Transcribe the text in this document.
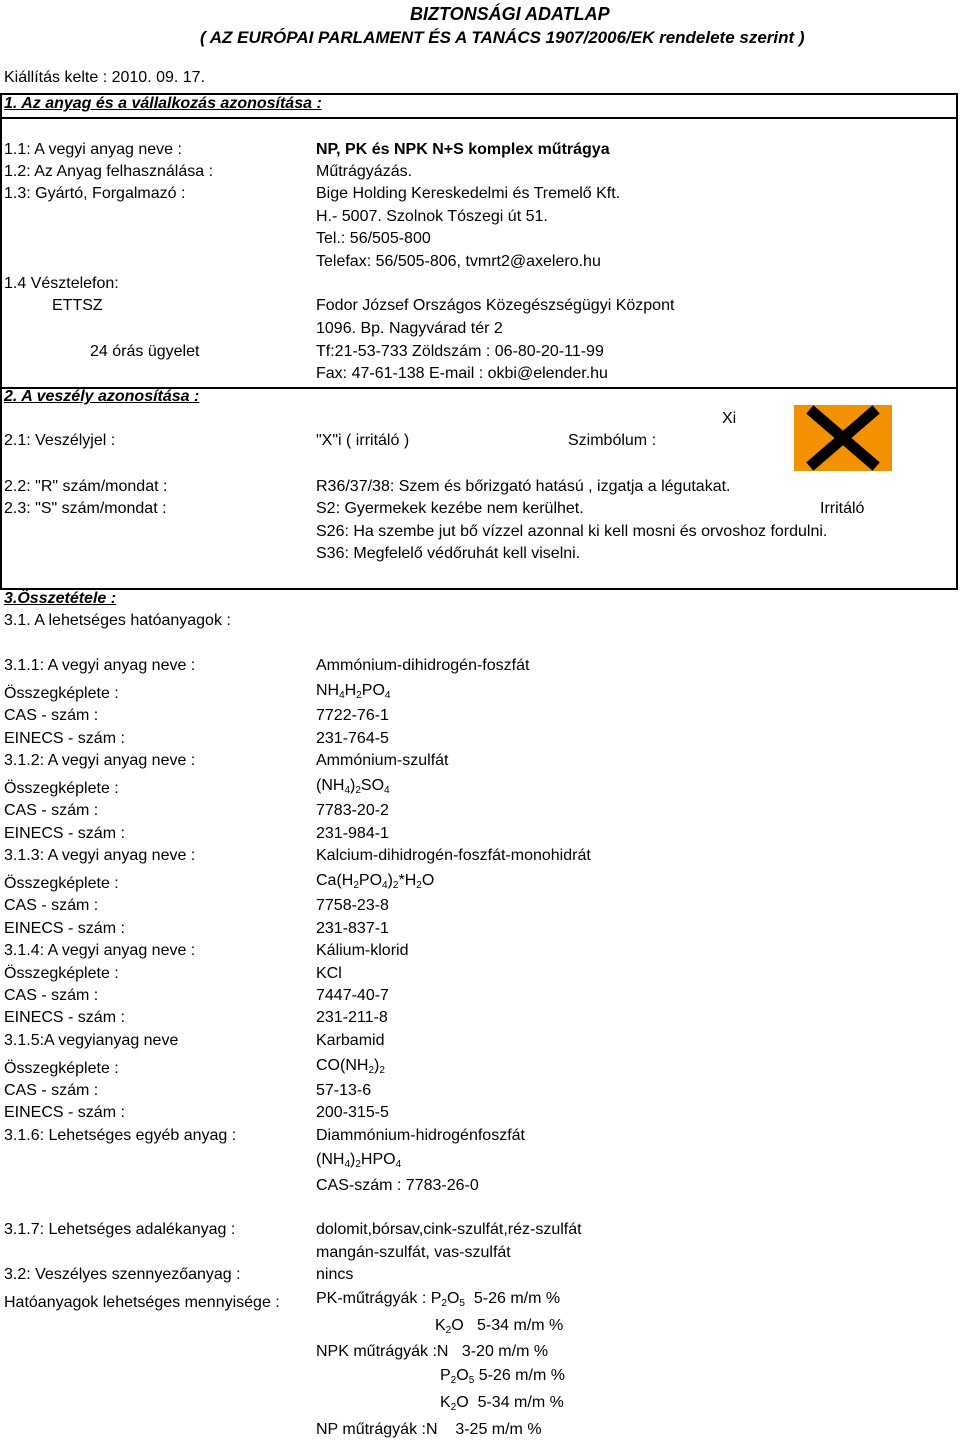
BIZTONSÁGI ADATLAP
( AZ EURÓPAI PARLAMENT ÉS A TANÁCS 1907/2006/EK rendelete szerint )
Kiállítás kelte : 2010. 09. 17.
1. Az anyag és a vállalkozás azonosítása :
1.1: A vegyi anyag neve :	NP, PK és NPK N+S komplex műtrágya
1.2: Az Anyag felhasználása :	Műtrágyázás.
1.3: Gyártó, Forgalmazó :	Bige Holding Kereskedelmi és Tremelő Kft.
H.- 5007. Szolnok Tószegi út 51.
Tel.: 56/505-800
Telefax: 56/505-806, tvmrt2@axelero.hu
1.4 Vésztelefon:
ETTSZ	Fodor József Országos Közegészségügyi Központ
1096. Bp. Nagyvárad tér 2
24 órás ügyelet	Tf:21-53-733 Zöldszám : 06-80-20-11-99
Fax: 47-61-138 E-mail : okbi@elender.hu
2. A veszély azonosítása :
Xi
2.1: Veszélyjel :	"X"i ( irritáló )	Szimbólum :
2.2: "R" szám/mondat :	R36/37/38: Szem és bőrizgató hatású , izgatja a légutakat.
2.3: "S" szám/mondat :	S2: Gyermekek kezébe nem kerülhet.	Irritáló
S26: Ha szembe jut bő vízzel azonnal ki kell mosni és orvoshoz fordulni.
S36: Megfelelő védőruhát kell viselni.
3.Összetétele :
3.1. A lehetséges hatóanyagok :
3.1.1: A vegyi anyag neve :	Ammónium-dihidrogén-foszfát
Összegképlete :	$NH_4H_2PO_4$
CAS - szám :	7722-76-1
EINECS - szám :	231-764-5
3.1.2: A vegyi anyag neve :	Ammónium-szulfát
Összegképlete :	$(NH_4)_2SO_4$
CAS - szám :	7783-20-2
EINECS - szám :	231-984-1
3.1.3: A vegyi anyag neve :	Kalcium-dihidrogén-foszfát-monohidrát
Összegképlete :	$Ca(H_2PO_4)_2*H_2O$
CAS - szám :	7758-23-8
EINECS - szám :	231-837-1
3.1.4: A vegyi anyag neve :	Kálium-klorid
Összegképlete :	KCl
CAS - szám :	7447-40-7
EINECS - szám :	231-211-8
3.1.5:A vegyianyag neve	Karbamid
Összegképlete :	$CO(NH_2)_2$
CAS - szám :	57-13-6
EINECS - szám :	200-315-5
3.1.6: Lehetséges egyéb anyag :	Diammónium-hidrogénfoszfát
$(NH_4)_2HPO_4$
CAS-szám : 7783-26-0
3.1.7: Lehetséges adalékanyag :	dolomit,bórsav,cink-szulfát,réz-szulfát
mangán-szulfát, vas-szulfát
3.2: Veszélyes szennyezőanyag :	nincs
Hatóanyagok lehetséges mennyisége : PK-műtrágyák : $P_2O_5$ 5-26 m/m %
$K_2O$   5-34 m/m %
NPK műtrágyák :N 3-20 m/m %
$P_2O_5$ 5-26 m/m %
$K_2O$  5-34 m/m %
NP műtrágyák :N 3-25 m/m %
